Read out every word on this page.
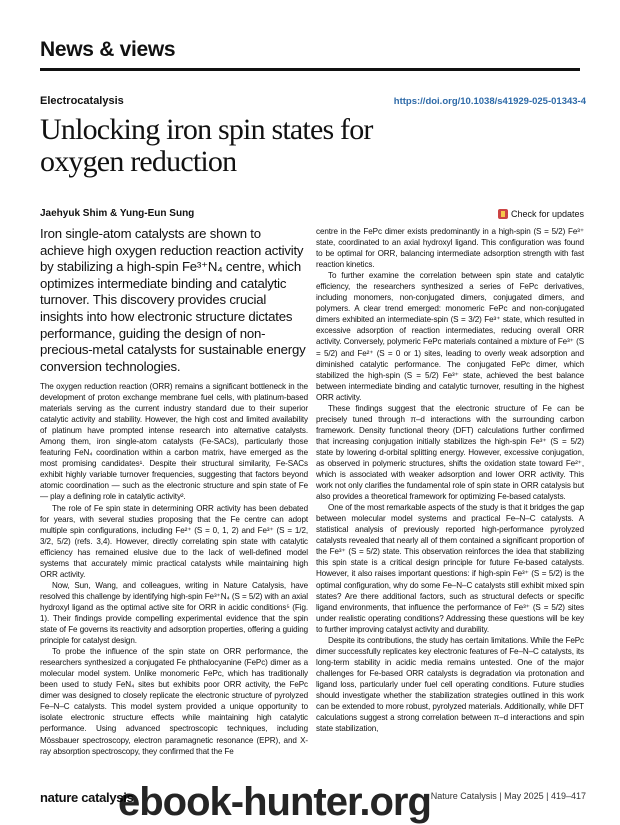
News & views
Electrocatalysis	https://doi.org/10.1038/s41929-025-01343-4
Unlocking iron spin states for oxygen reduction
Jaehyuk Shim & Yung-Eun Sung	Check for updates

Iron single-atom catalysts are shown to achieve high oxygen reduction reaction activity by stabilizing a high-spin Fe³⁺N₄ centre, which optimizes intermediate binding and catalytic turnover. This discovery provides crucial insights into how electronic structure dictates performance, guiding the design of non-precious-metal catalysts for sustainable energy conversion technologies.

The oxygen reduction reaction (ORR) remains a significant bottleneck in the development of proton exchange membrane fuel cells, with platinum-based materials serving as the current industry standard due to their superior catalytic activity and stability. However, the high cost and limited availability of platinum have prompted intense research into alternative catalysts. Among them, iron single-atom catalysts (Fe-SACs), particularly those featuring FeN₄ coordination within a carbon matrix, have emerged as the most promising candidates¹. Despite their structural similarity, Fe-SACs exhibit highly variable turnover frequencies, suggesting that factors beyond atomic coordination — such as the electronic structure and spin state of Fe — play a defining role in catalytic activity².

The role of Fe spin state in determining ORR activity has been debated for years, with several studies proposing that the Fe centre can adopt multiple spin configurations, including Fe²⁺ (S = 0, 1, 2) and Fe³⁺ (S = 1/2, 3/2, 5/2) (refs. 3,4). However, directly correlating spin state with catalytic efficiency has remained elusive due to the lack of well-defined model systems that accurately mimic practical catalysts while maintaining high ORR activity.

Now, Sun, Wang, and colleagues, writing in Nature Catalysis, have resolved this challenge by identifying high-spin Fe³⁺N₄ (S = 5/2) with an axial hydroxyl ligand as the optimal active site for ORR in acidic conditions⁵ (Fig. 1). Their findings provide compelling experimental evidence that the spin state of Fe governs its reactivity and adsorption properties, offering a guiding principle for catalyst design.

To probe the influence of the spin state on ORR performance, the researchers synthesized a conjugated Fe phthalocyanine (FePc) dimer as a molecular model system. Unlike monomeric FePc, which has traditionally been used to study FeN₄ sites but exhibits poor ORR activity, the FePc dimer was designed to closely replicate the electronic structure of pyrolyzed Fe–N–C catalysts. This model system provided a unique opportunity to isolate electronic structure effects while maintaining high catalytic performance. Using advanced spectroscopic techniques, including Mössbauer spectroscopy, electron paramagnetic resonance (EPR), and X-ray absorption spectroscopy, they confirmed that the Fe

centre in the FePc dimer exists predominantly in a high-spin (S = 5/2) Fe³⁺ state, coordinated to an axial hydroxyl ligand. This configuration was found to be optimal for ORR, balancing intermediate adsorption strength with fast reaction kinetics.

To further examine the correlation between spin state and catalytic efficiency, the researchers synthesized a series of FePc derivatives, including monomers, non-conjugated dimers, conjugated dimers, and polymers. A clear trend emerged: monomeric FePc and non-conjugated dimers exhibited an intermediate-spin (S = 3/2) Fe³⁺ state, which resulted in excessive adsorption of reaction intermediates, reducing overall ORR activity. Conversely, polymeric FePc materials contained a mixture of Fe³⁺ (S = 5/2) and Fe²⁺ (S = 0 or 1) sites, leading to overly weak adsorption and diminished catalytic performance. The conjugated FePc dimer, which stabilized the high-spin (S = 5/2) Fe³⁺ state, achieved the best balance between intermediate binding and catalytic turnover, resulting in the highest ORR activity.

These findings suggest that the electronic structure of Fe can be precisely tuned through π–d interactions with the surrounding carbon framework. Density functional theory (DFT) calculations further confirmed that increasing conjugation initially stabilizes the high-spin Fe³⁺ (S = 5/2) state by lowering d-orbital splitting energy. However, excessive conjugation, as observed in polymeric structures, shifts the oxidation state toward Fe²⁺, which is associated with weaker adsorption and lower ORR activity. This work not only clarifies the fundamental role of spin state in ORR catalysis but also provides a theoretical framework for optimizing Fe-based catalysts.

One of the most remarkable aspects of the study is that it bridges the gap between molecular model systems and practical Fe–N–C catalysts. A statistical analysis of previously reported high-performance pyrolyzed catalysts revealed that nearly all of them contained a significant proportion of the Fe³⁺ (S = 5/2) state. This observation reinforces the idea that stabilizing this spin state is a critical design principle for future Fe-based catalysts. However, it also raises important questions: if high-spin Fe³⁺ (S = 5/2) is the optimal configuration, why do some Fe–N–C catalysts still exhibit mixed spin states? Are there additional factors, such as structural defects or specific ligand environments, that influence the performance of Fe³⁺ (S = 5/2) sites under realistic operating conditions? Addressing these questions will be key to further improving catalyst activity and durability.

Despite its contributions, the study has certain limitations. While the FePc dimer successfully replicates key electronic features of Fe–N–C catalysts, its long-term stability in acidic media remains untested. One of the major challenges for Fe-based ORR catalysts is degradation via protonation and ligand loss, particularly under fuel cell operating conditions. Future studies should investigate whether the stabilization strategies outlined in this work can be extended to more robust, pyrolyzed materials. Additionally, while DFT calculations suggest a strong correlation between π–d interactions and spin state stabilization,

nature catalysis	Nature Catalysis | May 2025 | 419–417
ebook-hunter.org
